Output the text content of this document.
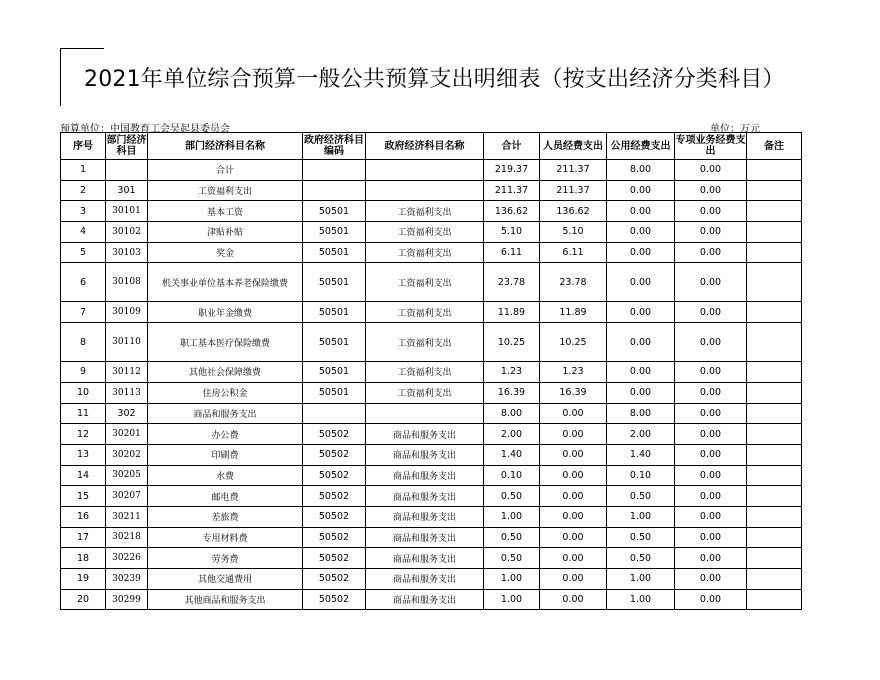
2021年单位综合预算一般公共预算支出明细表（按支出经济分类科目）
预算单位：中国教育工会吴起县委员会	单位：万元
序号	部门经济科目	部门经济科目名称	政府经济科目编码	政府经济科目名称	合计	人员经费支出	公用经费支出	专项业务经费支出	备注
1		合计			219.37	211.37	8.00	0.00	
2	301	工资福利支出			211.37	211.37	0.00	0.00	
3	30101	基本工资	50501	工资福利支出	136.62	136.62	0.00	0.00	
4	30102	津贴补贴	50501	工资福利支出	5.10	5.10	0.00	0.00	
5	30103	奖金	50501	工资福利支出	6.11	6.11	0.00	0.00	
6	30108	机关事业单位基本养老保险缴费	50501	工资福利支出	23.78	23.78	0.00	0.00	
7	30109	职业年金缴费	50501	工资福利支出	11.89	11.89	0.00	0.00	
8	30110	职工基本医疗保险缴费	50501	工资福利支出	10.25	10.25	0.00	0.00	
9	30112	其他社会保障缴费	50501	工资福利支出	1.23	1.23	0.00	0.00	
10	30113	住房公积金	50501	工资福利支出	16.39	16.39	0.00	0.00	
11	302	商品和服务支出			8.00	0.00	8.00	0.00	
12	30201	办公费	50502	商品和服务支出	2.00	0.00	2.00	0.00	
13	30202	印刷费	50502	商品和服务支出	1.40	0.00	1.40	0.00	
14	30205	水费	50502	商品和服务支出	0.10	0.00	0.10	0.00	
15	30207	邮电费	50502	商品和服务支出	0.50	0.00	0.50	0.00	
16	30211	差旅费	50502	商品和服务支出	1.00	0.00	1.00	0.00	
17	30218	专用材料费	50502	商品和服务支出	0.50	0.00	0.50	0.00	
18	30226	劳务费	50502	商品和服务支出	0.50	0.00	0.50	0.00	
19	30239	其他交通费用	50502	商品和服务支出	1.00	0.00	1.00	0.00	
20	30299	其他商品和服务支出	50502	商品和服务支出	1.00	0.00	1.00	0.00	
